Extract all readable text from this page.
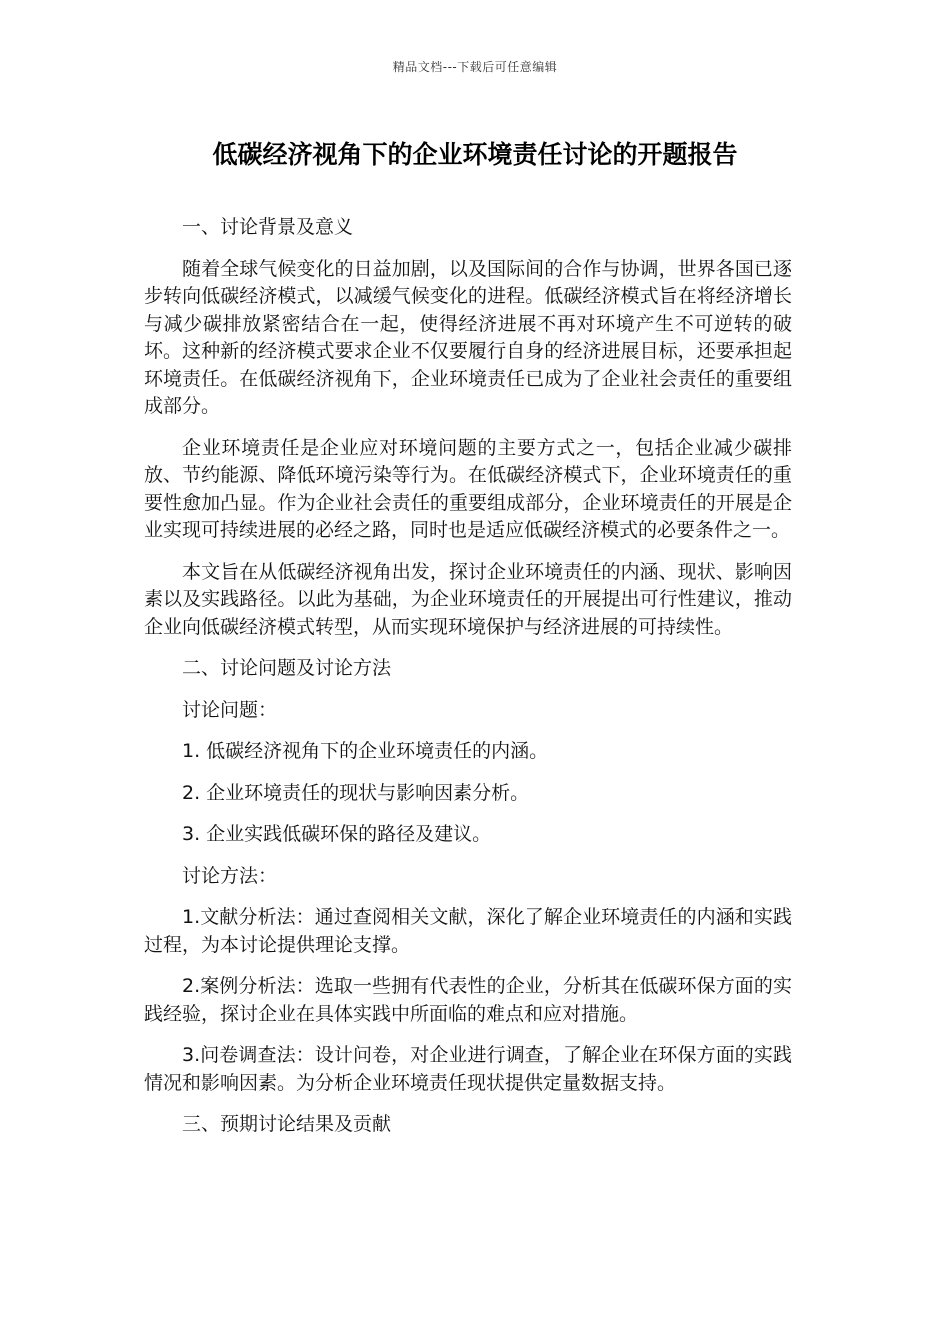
精品文档---下载后可任意编辑
低碳经济视角下的企业环境责任讨论的开题报告

一、讨论背景及意义

随着全球气候变化的日益加剧，以及国际间的合作与协调，世界各国已逐步转向低碳经济模式，以减缓气候变化的进程。低碳经济模式旨在将经济增长与减少碳排放紧密结合在一起，使得经济进展不再对环境产生不可逆转的破坏。这种新的经济模式要求企业不仅要履行自身的经济进展目标，还要承担起环境责任。在低碳经济视角下，企业环境责任已成为了企业社会责任的重要组成部分。

企业环境责任是企业应对环境问题的主要方式之一，包括企业减少碳排放、节约能源、降低环境污染等行为。在低碳经济模式下，企业环境责任的重要性愈加凸显。作为企业社会责任的重要组成部分，企业环境责任的开展是企业实现可持续进展的必经之路，同时也是适应低碳经济模式的必要条件之一。

本文旨在从低碳经济视角出发，探讨企业环境责任的内涵、现状、影响因素以及实践路径。以此为基础，为企业环境责任的开展提出可行性建议，推动企业向低碳经济模式转型，从而实现环境保护与经济进展的可持续性。

二、讨论问题及讨论方法

讨论问题：

1. 低碳经济视角下的企业环境责任的内涵。

2. 企业环境责任的现状与影响因素分析。

3. 企业实践低碳环保的路径及建议。

讨论方法：

1.文献分析法：通过查阅相关文献，深化了解企业环境责任的内涵和实践过程，为本讨论提供理论支撑。

2.案例分析法：选取一些拥有代表性的企业，分析其在低碳环保方面的实践经验，探讨企业在具体实践中所面临的难点和应对措施。

3.问卷调查法：设计问卷，对企业进行调查，了解企业在环保方面的实践情况和影响因素。为分析企业环境责任现状提供定量数据支持。

三、预期讨论结果及贡献
